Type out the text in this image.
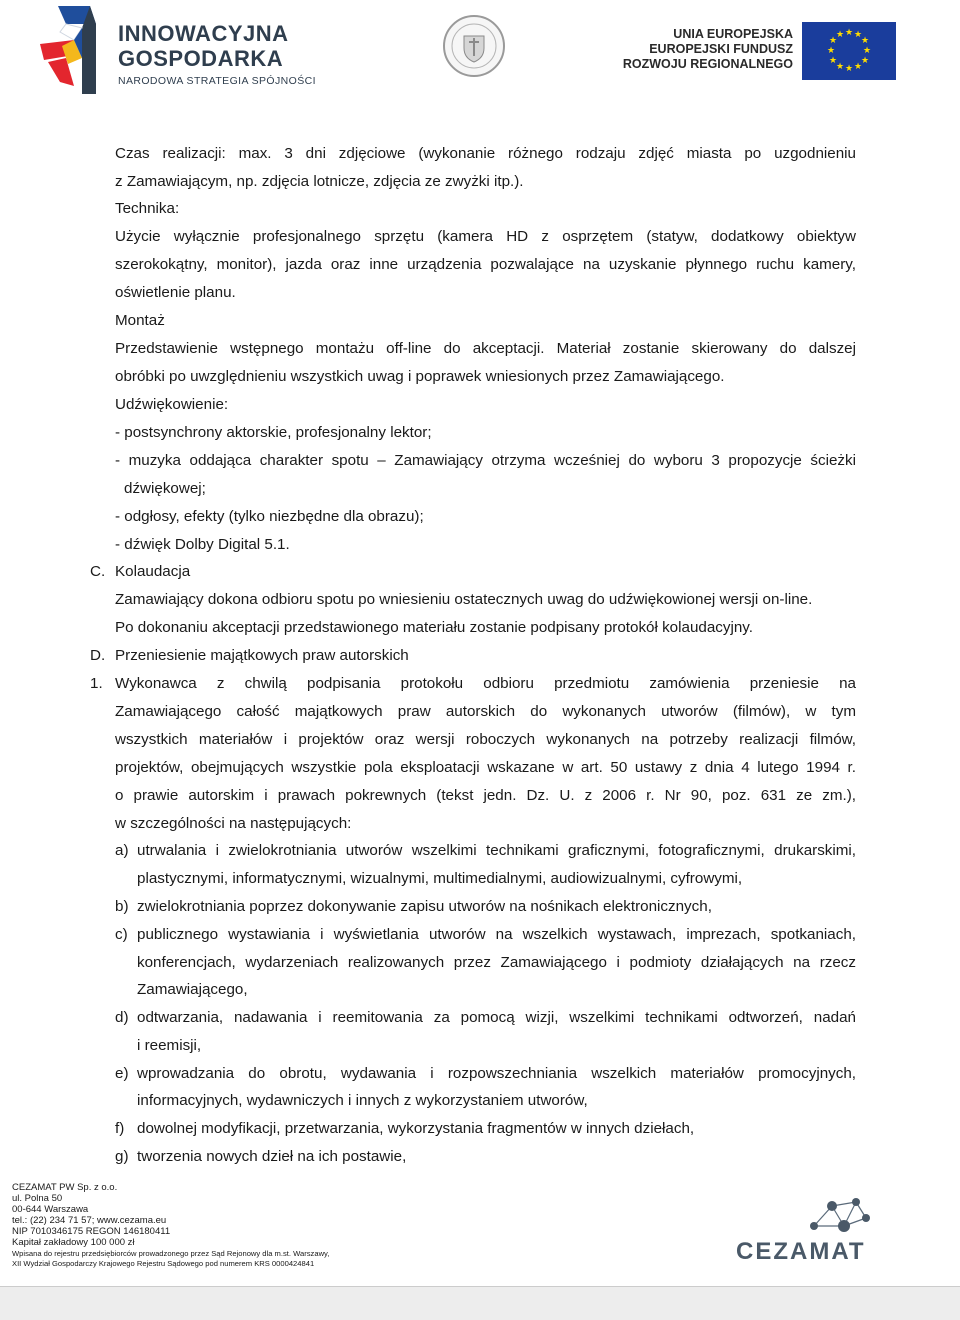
INNOWACYJNA
GOSPODARKA
NARODOWA STRATEGIA SPÓJNOŚCI
UNIA EUROPEJSKA
EUROPEJSKI FUNDUSZ
ROZWOJU REGIONALNEGO
★ ★
★
★
★
★
★
★
★
★
★
★
Czas realizacji: max. 3 dni zdjęciowe (wykonanie różnego rodzaju zdjęć miasta po uzgodnieniu
z Zamawiającym, np. zdjęcia lotnicze, zdjęcia ze zwyżki itp.).
Technika:
Użycie wyłącznie profesjonalnego sprzętu (kamera HD z osprzętem (statyw, dodatkowy obiektyw
szerokokątny, monitor), jazda oraz inne urządzenia pozwalające na uzyskanie płynnego ruchu kamery,
oświetlenie planu.
Montaż
Przedstawienie wstępnego montażu off-line do akceptacji. Materiał zostanie skierowany do dalszej
obróbki po uwzględnieniu wszystkich uwag i poprawek wniesionych przez Zamawiającego.
Udźwiękowienie:
- postsynchrony aktorskie, profesjonalny lektor;
- muzyka oddająca charakter spotu – Zamawiający otrzyma wcześniej do wyboru 3 propozycje ścieżki
dźwiękowej;
- odgłosy, efekty (tylko niezbędne dla obrazu);
- dźwięk Dolby Digital 5.1.
C. Kolaudacja
Zamawiający dokona odbioru spotu po wniesieniu ostatecznych uwag do udźwiękowionej wersji on-line.
Po dokonaniu akceptacji przedstawionego materiału zostanie podpisany protokół kolaudacyjny.
D. Przeniesienie majątkowych praw autorskich
1. Wykonawca z chwilą podpisania protokołu odbioru przedmiotu zamówienia przeniesie na
Zamawiającego całość majątkowych praw autorskich do wykonanych utworów (filmów), w tym
wszystkich materiałów i projektów oraz wersji roboczych wykonanych na potrzeby realizacji filmów,
projektów, obejmujących wszystkie pola eksploatacji wskazane w art. 50 ustawy z dnia 4 lutego 1994 r.
o prawie autorskim i prawach pokrewnych (tekst jedn. Dz. U. z 2006 r. Nr 90, poz. 631 ze zm.),
w szczególności na następujących:
a) utrwalania i zwielokrotniania utworów wszelkimi technikami graficznymi, fotograficznymi, drukarskimi,
plastycznymi, informatycznymi, wizualnymi, multimedialnymi, audiowizualnymi, cyfrowymi,
b) zwielokrotniania poprzez dokonywanie zapisu utworów na nośnikach elektronicznych,
c) publicznego wystawiania i wyświetlania utworów na wszelkich wystawach, imprezach, spotkaniach,
konferencjach, wydarzeniach realizowanych przez Zamawiającego i podmioty działających na rzecz
Zamawiającego,
d) odtwarzania, nadawania i reemitowania za pomocą wizji, wszelkimi technikami odtworzeń, nadań
i reemisji,
e) wprowadzania do obrotu, wydawania i rozpowszechniania wszelkich materiałów promocyjnych,
informacyjnych, wydawniczych i innych z wykorzystaniem utworów,
f) dowolnej modyfikacji, przetwarzania, wykorzystania fragmentów w innych dziełach,
g) tworzenia nowych dzieł na ich postawie,
CEZAMAT PW Sp. z o.o.
ul. Polna 50
00-644 Warszawa
tel.: (22) 234 71 57; www.cezama.eu
NIP 7010346175 REGON 146180411
Kapitał zakładowy 100 000 zł
Wpisana do rejestru przedsiębiorców prowadzonego przez Sąd Rejonowy dla m.st. Warszawy,
XII Wydział Gospodarczy Krajowego Rejestru Sądowego pod numerem KRS 0000424841	CEZAMAT
